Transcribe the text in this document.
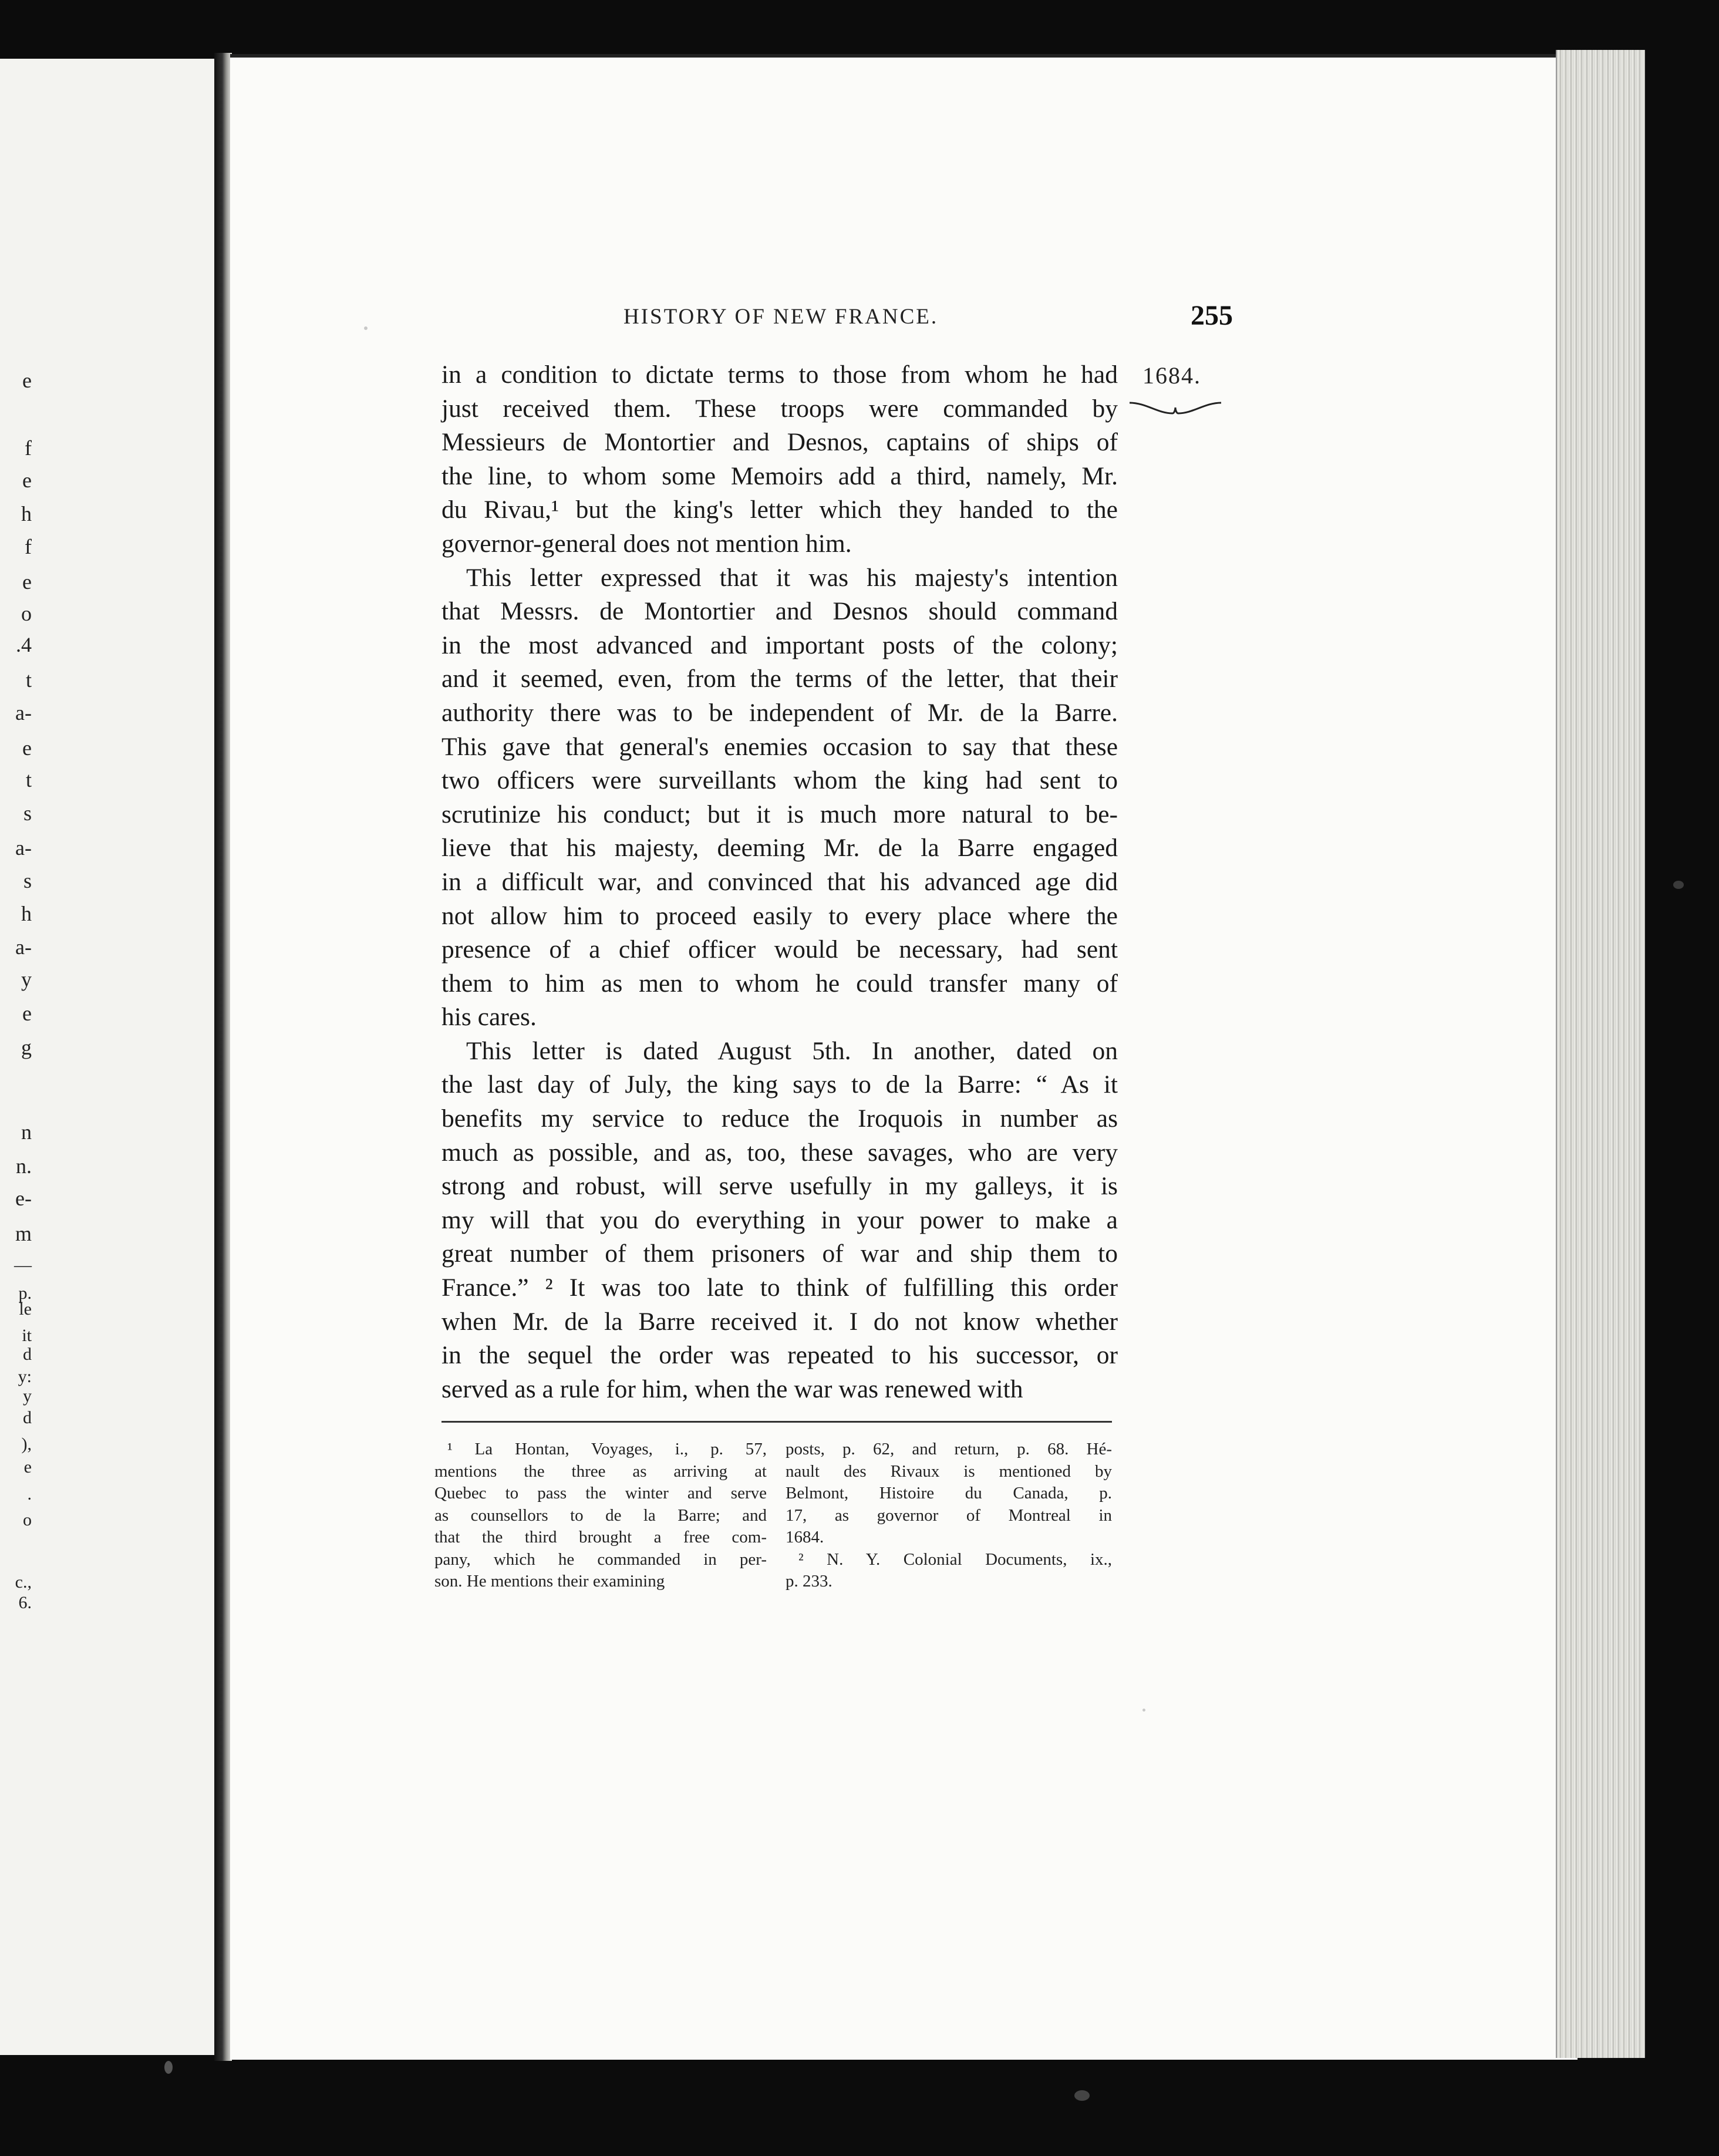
e
f
e
h
f
e
o
.4
t
a-
e
t
s
a-
s
h
a-
y
e
g
n
n.
e-
m
—
p.
le
it
d
y:
y
d
),
e
.
o
c.,
6.
HISTORY OF NEW FRANCE.	255
1684.
in a condition to dictate terms to those from whom he had
just received them. These troops were commanded by
Messieurs de Montortier and Desnos, captains of ships of
the line, to whom some Memoirs add a third, namely, Mr.
du Rivau,¹ but the king's letter which they handed to the
governor-general does not mention him.
This letter expressed that it was his majesty's intention
that Messrs. de Montortier and Desnos should command
in the most advanced and important posts of the colony;
and it seemed, even, from the terms of the letter, that their
authority there was to be independent of Mr. de la Barre.
This gave that general's enemies occasion to say that these
two officers were surveillants whom the king had sent to
scrutinize his conduct; but it is much more natural to be-
lieve that his majesty, deeming Mr. de la Barre engaged
in a difficult war, and convinced that his advanced age did
not allow him to proceed easily to every place where the
presence of a chief officer would be necessary, had sent
them to him as men to whom he could transfer many of
his cares.
This letter is dated August 5th. In another, dated on
the last day of July, the king says to de la Barre: “ As it
benefits my service to reduce the Iroquois in number as
much as possible, and as, too, these savages, who are very
strong and robust, will serve usefully in my galleys, it is
my will that you do everything in your power to make a
great number of them prisoners of war and ship them to
France.” ² It was too late to think of fulfilling this order
when Mr. de la Barre received it. I do not know whether
in the sequel the order was repeated to his successor, or
served as a rule for him, when the war was renewed with
¹ La Hontan, Voyages, i., p. 57,
mentions the three as arriving at
Quebec to pass the winter and serve
as counsellors to de la Barre; and
that the third brought a free com-
pany, which he commanded in per-
son. He mentions their examining
posts, p. 62, and return, p. 68. Hé-
nault des Rivaux is mentioned by
Belmont, Histoire du Canada, p.
17, as governor of Montreal in
1684.
² N. Y. Colonial Documents, ix.,
p. 233.
